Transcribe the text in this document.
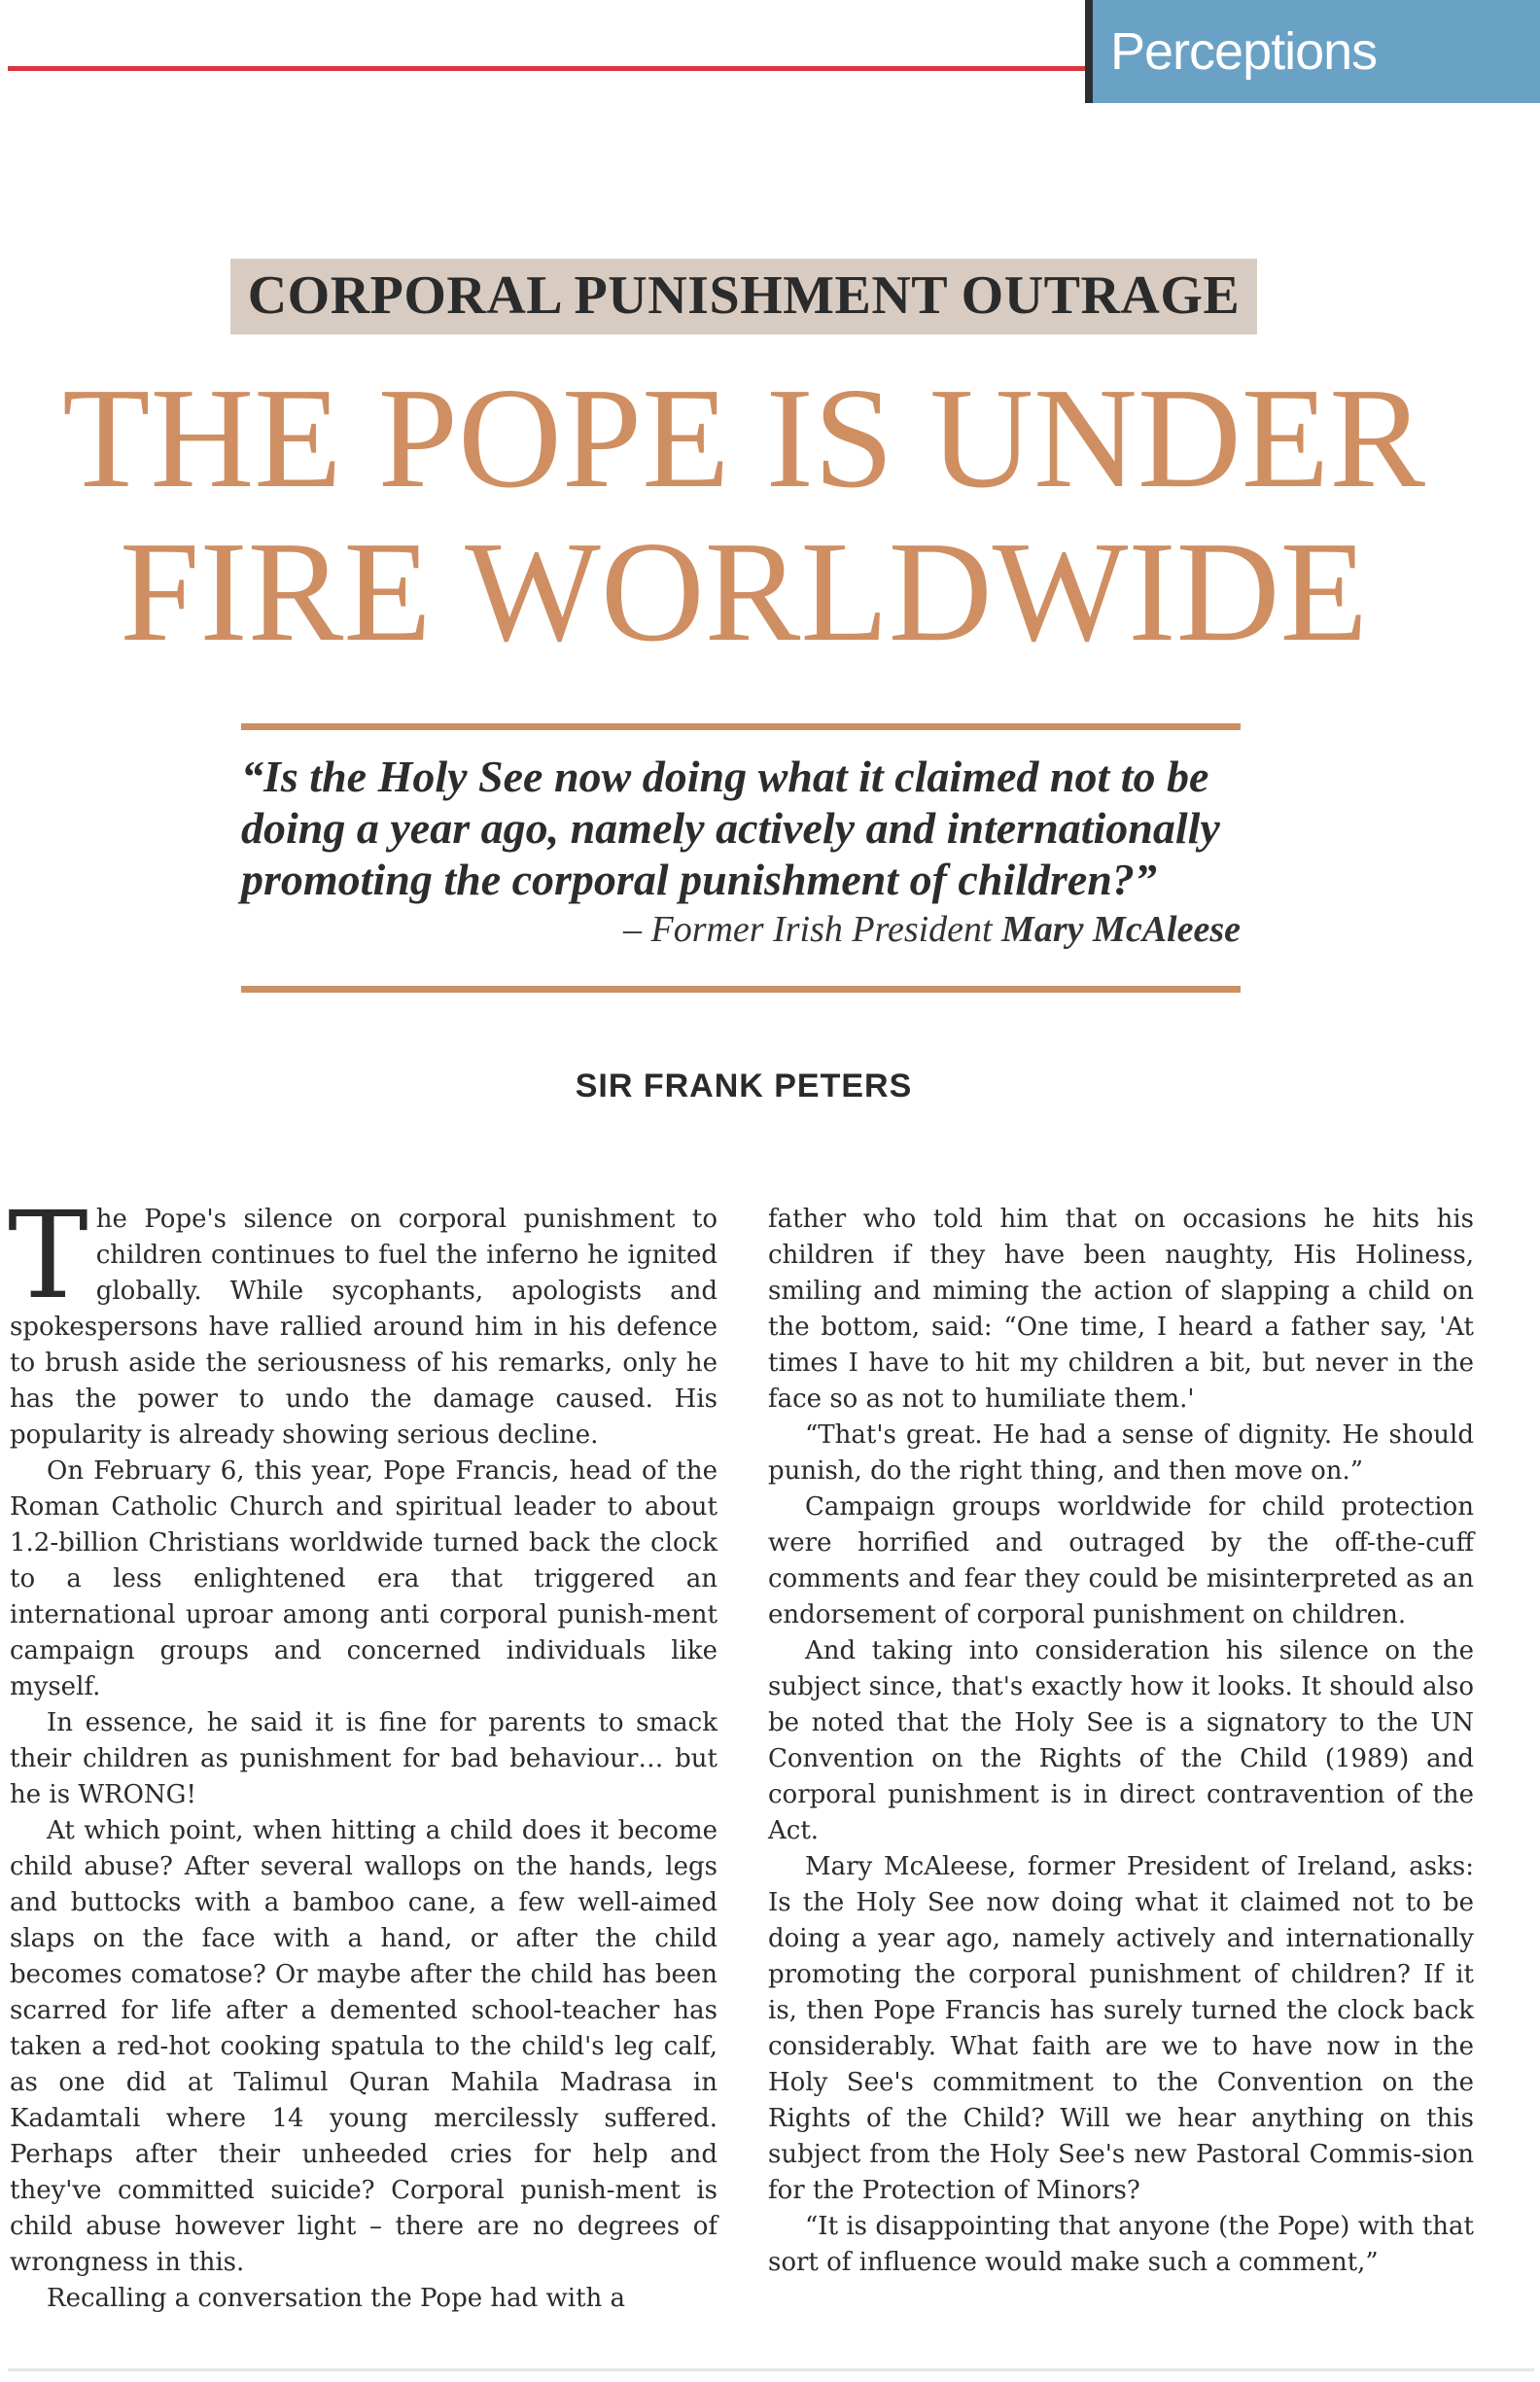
Perceptions
CORPORAL PUNISHMENT OUTRAGE
THE POPE IS UNDER
FIRE WORLDWIDE

“Is the Holy See now doing what it claimed not to be doing a year ago, namely actively and internationally promoting the corporal punishment of children?”

– Former Irish President Mary McAleese
SIR FRANK PETERS

The Pope's silence on corporal punishment to children continues to fuel the inferno he ignited globally. While sycophants, apologists and spokespersons have rallied around him in his defence to brush aside the seriousness of his remarks, only he has the power to undo the damage caused. His popularity is already showing serious decline.

On February 6, this year, Pope Francis, head of the Roman Catholic Church and spiritual leader to about 1.2-billion Christians worldwide turned back the clock to a less enlightened era that triggered an international uproar among anti corporal punish-ment campaign groups and concerned individuals like myself.

In essence, he said it is fine for parents to smack their children as punishment for bad behaviour… but he is WRONG!

At which point, when hitting a child does it become child abuse? After several wallops on the hands, legs and buttocks with a bamboo cane, a few well-aimed slaps on the face with a hand, or after the child becomes comatose? Or maybe after the child has been scarred for life after a demented school-teacher has taken a red-hot cooking spatula to the child's leg calf, as one did at Talimul Quran Mahila Madrasa in Kadamtali where 14 young mercilessly suffered. Perhaps after their unheeded cries for help and they've committed suicide? Corporal punish-ment is child abuse however light – there are no degrees of wrongness in this.

Recalling a conversation the Pope had with a

father who told him that on occasions he hits his children if they have been naughty, His Holiness, smiling and miming the action of slapping a child on the bottom, said: “One time, I heard a father say, 'At times I have to hit my children a bit, but never in the face so as not to humiliate them.'

“That's great. He had a sense of dignity. He should punish, do the right thing, and then move on.”

Campaign groups worldwide for child protection were horrified and outraged by the off-the-cuff comments and fear they could be misinterpreted as an endorsement of corporal punishment on children.

And taking into consideration his silence on the subject since, that's exactly how it looks. It should also be noted that the Holy See is a signatory to the UN Convention on the Rights of the Child (1989) and corporal punishment is in direct contravention of the Act.

Mary McAleese, former President of Ireland, asks: Is the Holy See now doing what it claimed not to be doing a year ago, namely actively and internationally promoting the corporal punishment of children? If it is, then Pope Francis has surely turned the clock back considerably. What faith are we to have now in the Holy See's commitment to the Convention on the Rights of the Child? Will we hear anything on this subject from the Holy See's new Pastoral Commis-sion for the Protection of Minors?

“It is disappointing that anyone (the Pope) with that sort of influence would make such a comment,”
